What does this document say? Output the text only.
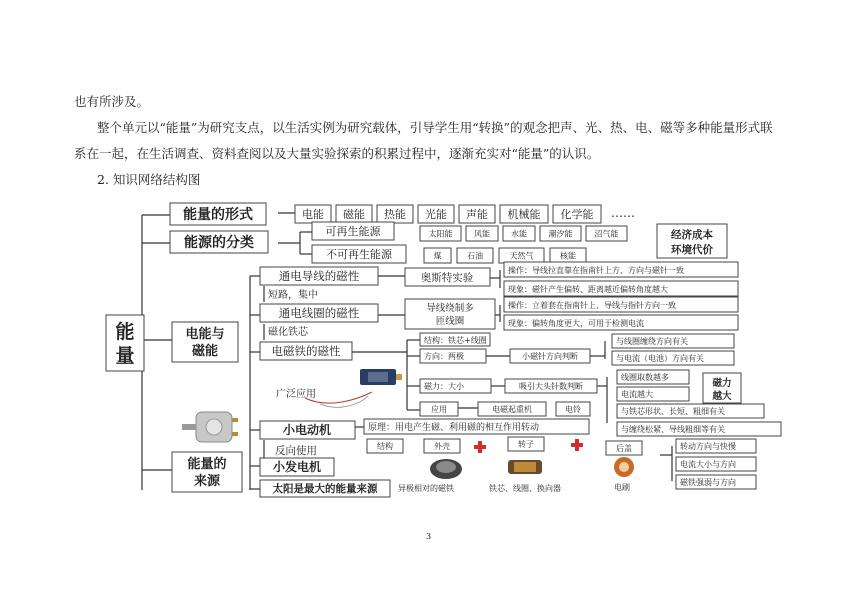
也有所涉及。
整个单元以“能量”为研究支点，以生活实例为研究载体，引导学生用“转换”的观念把声、光、热、电、磁等多种能量形式联
系在一起，在生活调查、资料查阅以及大量实验探索的积累过程中，逐渐充实对“能量”的认识。
2. 知识网络结构图
能
量
能量的形式	电能 磁能 热能 光能 声能 机械能 化学能 ……
能源的分类
可再生能源	太阳能	风能	水能	潮汐能	沼气能
不可再生能源	煤	石油	天然气	核能
经济成本
环境代价
电能与
磁能
通电导线的磁性	奥斯特实验
操作：导线拉直靠在指南针上方、方向与磁针一致
现象：磁针产生偏转、距离越近偏转角度越大
短路，集中
通电线圈的磁性	导线绕制多
匝线圈
操作：立着套在指南针上、导线与指针方向一致
现象：偏转角度更大，可用于检测电流
磁化铁芯
电磁铁的磁性
结构：铁芯+线圈
方向：两极	小磁针方向判断
与线圈缠绕方向有关
与电流（电池）方向有关
磁力：大小	吸引大头针数判断
线圈取数越多
电流越大
磁力
越大
与铁芯形状、长短、粗细有关
与缠绕松紧、导线粗细等有关
应用	电磁起重机	电铃
广泛应用
小电动机	原理：用电产生磁、利用磁的相互作用转动
反向使用
小发电机
结构	外壳	转子	后盖
异极相对的磁铁	铁芯、线圈、换向器	电刷
转动方向与快慢
电流大小与方向
磁铁强弱与方向
能量的
来源	太阳是最大的能量来源
3
